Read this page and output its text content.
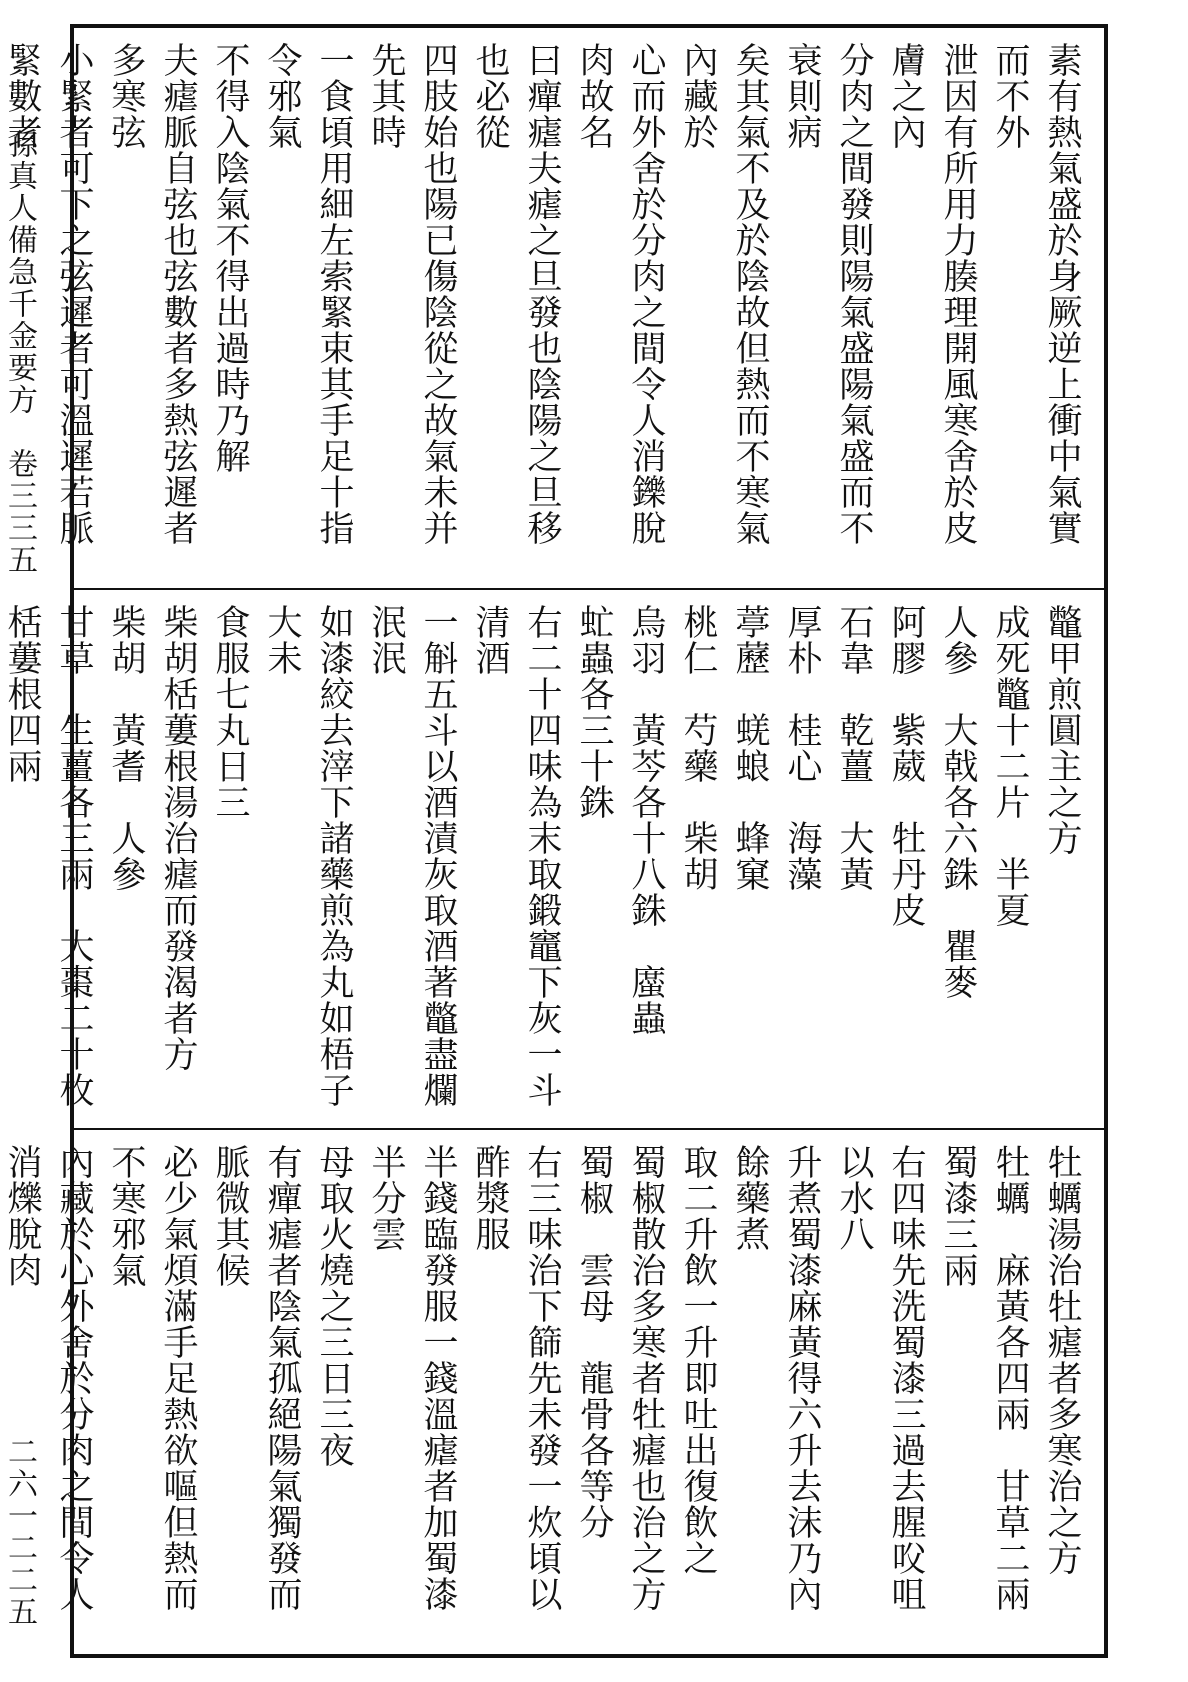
孫真人備急千金要方　卷三三五
二六一二二五

素有熱氣盛於身厥逆上衝中氣實而不外

泄因有所用力腠理開風寒舍於皮膚之內

分肉之間發則陽氣盛陽氣盛而不衰則病

矣其氣不及於陰故但熱而不寒氣內藏於

心而外舍於分肉之間令人消鑠脫肉故名

曰癉瘧夫瘧之旦發也陰陽之旦移也必從

四肢始也陽已傷陰從之故氣未并先其時

一食頃用細左索緊束其手足十指令邪氣

不得入陰氣不得出過時乃解

夫瘧脈自弦也弦數者多熱弦遲者多寒弦

小緊者可下之弦遲者可溫遲若脈緊數者

鼈甲煎圓主之方

成死鼈十二片　半夏

人參　大戟各六銖　瞿麥

阿膠　紫葳　牡丹皮

石韋　乾薑　大黃

厚朴　桂心　海藻

葶藶　蜣蜋　蜂窠

桃仁　芍藥　柴胡

烏羽　黃芩各十八銖　䗪蟲

虻蟲各三十銖

右二十四味為末取鍛竈下灰一斗清酒

一斛五斗以酒漬灰取酒著鼈盡爛泯泯

如漆絞去滓下諸藥煎為丸如梧子大未

食服七丸日三

柴胡栝蔞根湯治瘧而發渴者方

柴胡　黃耆　人參

甘草　生薑各三兩　大棗二十枚

栝蔞根四兩

牡蠣湯治牡瘧者多寒治之方

牡蠣　麻黃各四兩　甘草二兩

蜀漆三兩

右四味先洗蜀漆三過去腥㕮咀以水八

升煮蜀漆麻黃得六升去沫乃內餘藥煮

取二升飲一升即吐出復飲之

蜀椒散治多寒者牡瘧也治之方

蜀椒　雲母　龍骨各等分

右三味治下篩先未發一炊頃以酢漿服

半錢臨發服一錢溫瘧者加蜀漆半分雲

母取火燒之三日三夜

有癉瘧者陰氣孤絕陽氣獨發而脈微其候

必少氣煩滿手足熱欲嘔但熱而不寒邪氣

內藏於心外舍於分肉之間令人消爍脫肉
